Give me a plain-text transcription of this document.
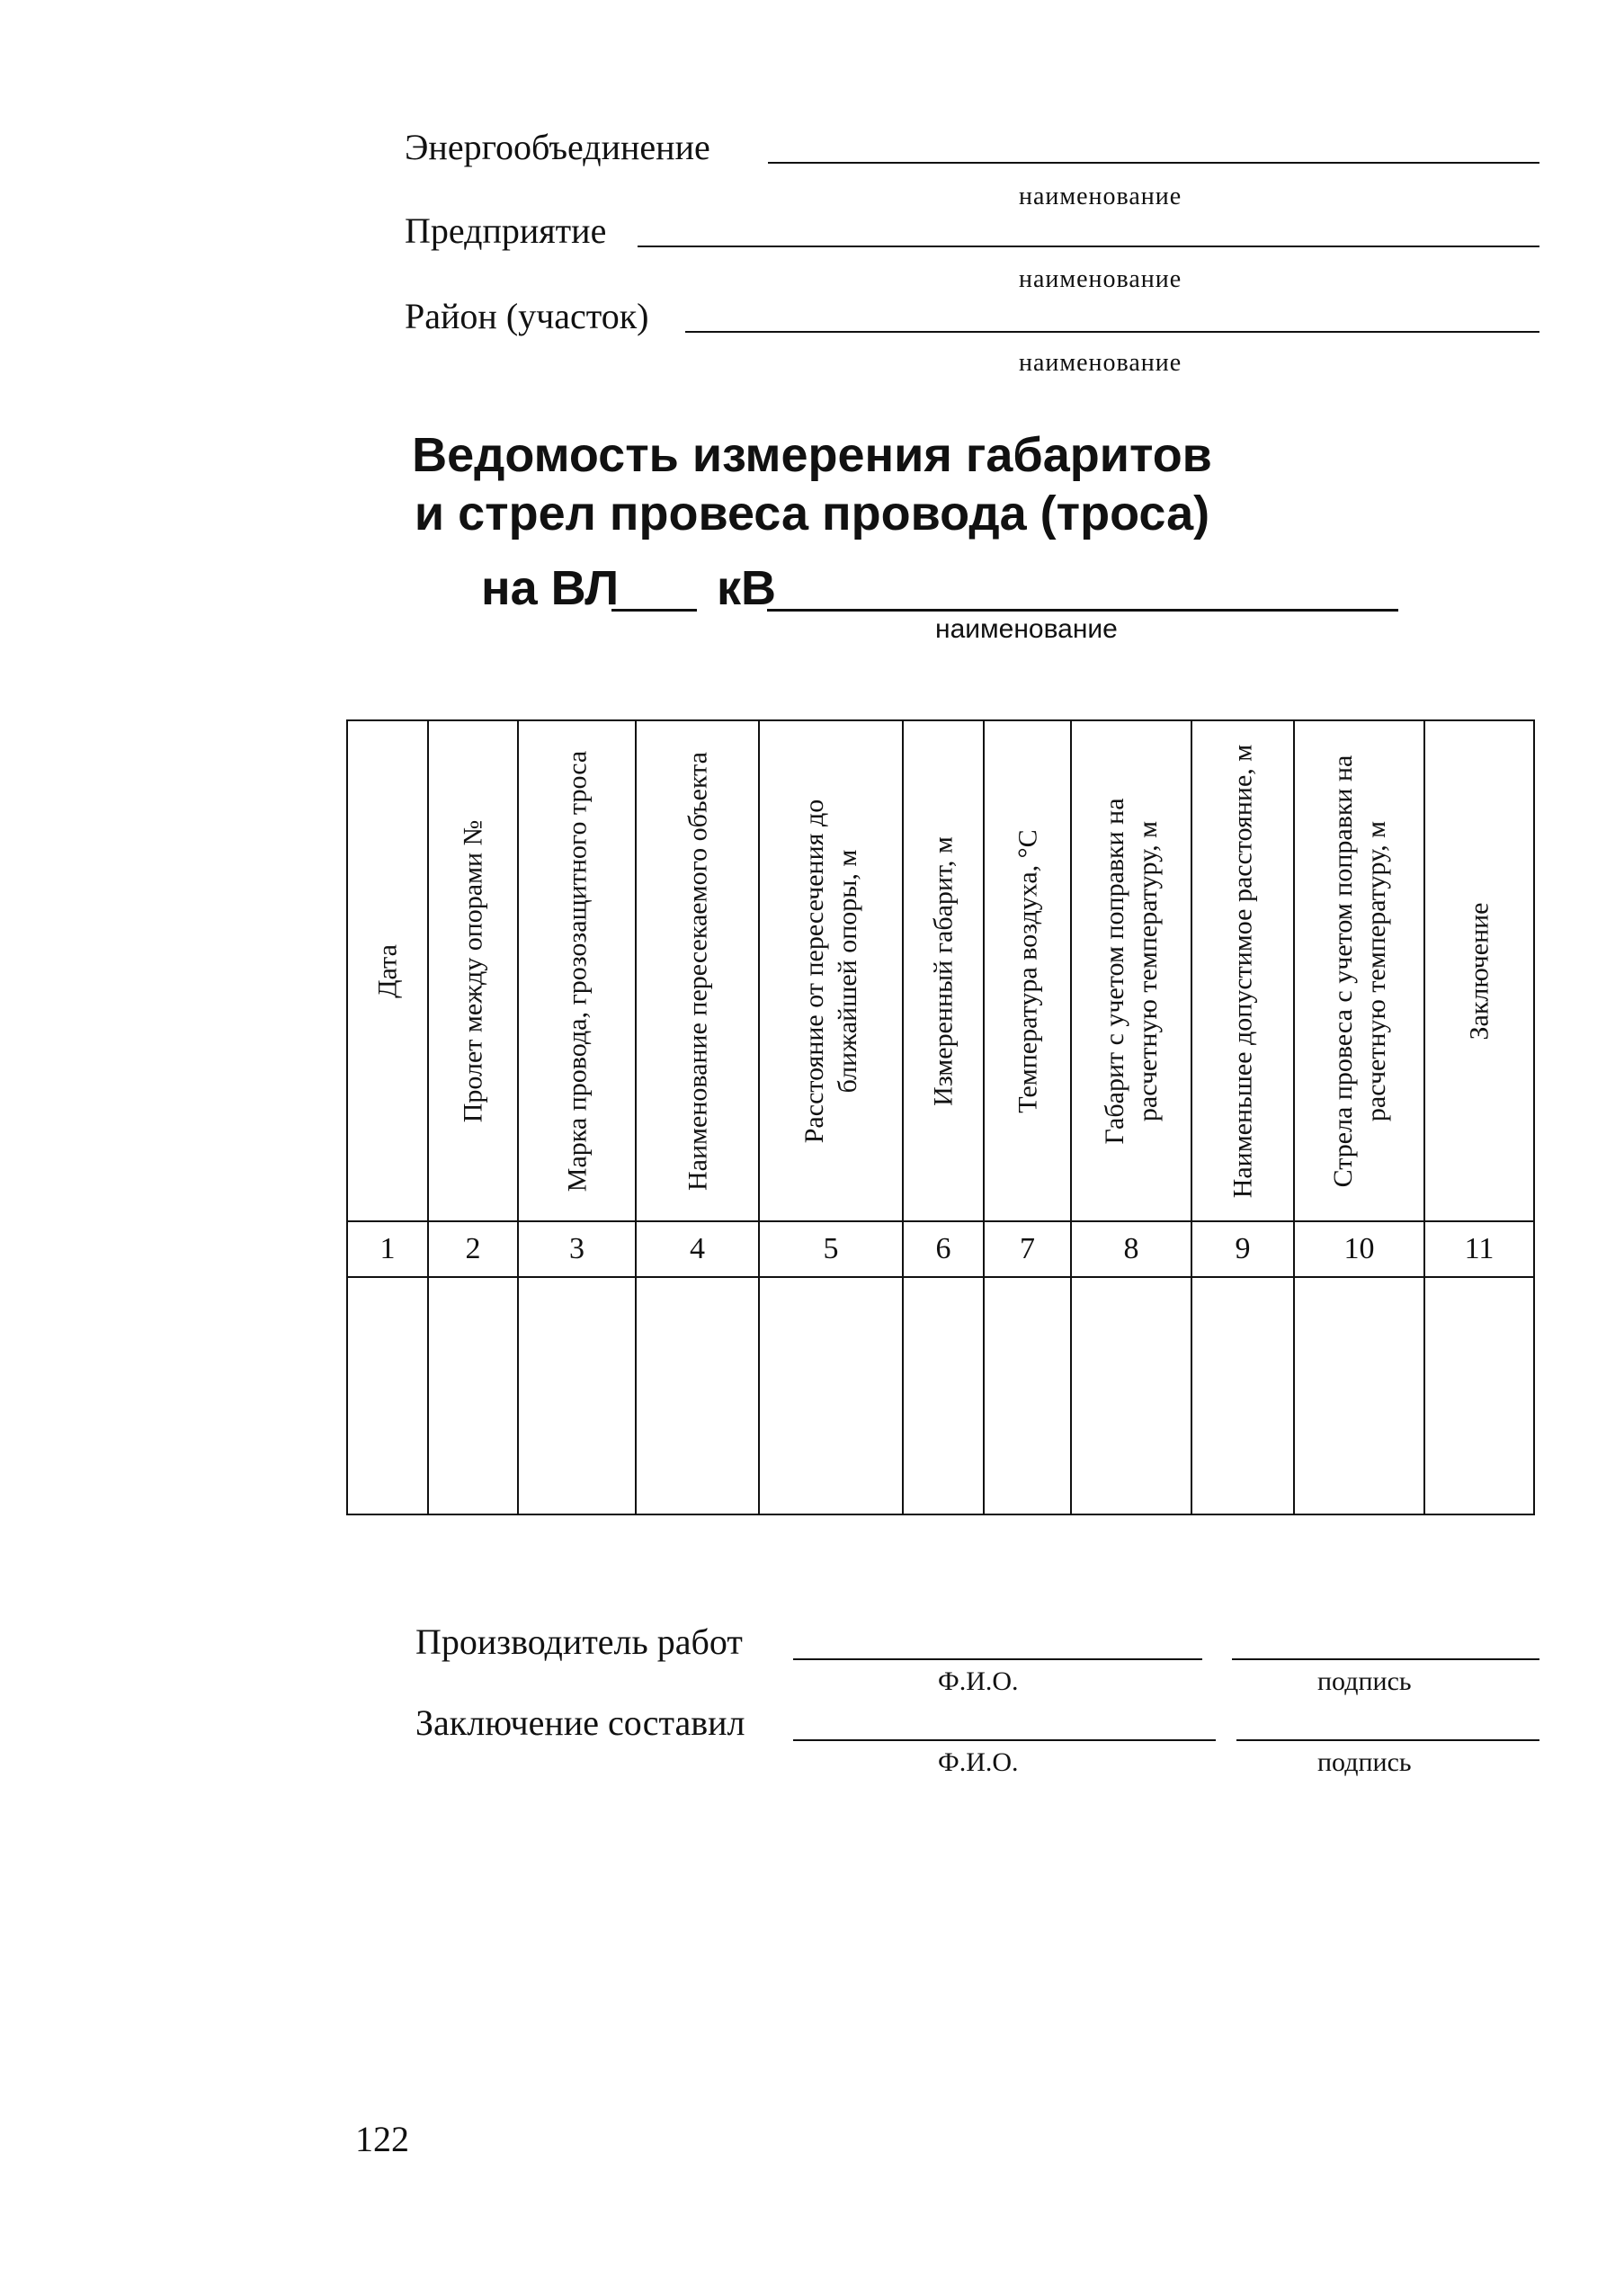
Энергообъединение
наименование
Предприятие
наименование
Район (участок)
наименование
Ведомость измерения габаритов
и стрел провеса провода (троса)
на ВЛ кВ
наименование
Дата	Пролет между опорами №	Марка провода, грозозащитного троса	Наименование пересекаемого объекта	Расстояние от пересечения до ближайшей опоры, м	Измеренный габарит, м	Температура воздуха, °С	Габарит с учетом поправки на расчетную температуру, м	Наименьшее допустимое расстояние, м	Стрела провеса с учетом поправки на расчетную температуру, м	Заключение

1	2	3	4	5	6	7	8	9	10	11

Производитель работ
Ф.И.О.	подпись
Заключение составил
Ф.И.О.	подпись
122
